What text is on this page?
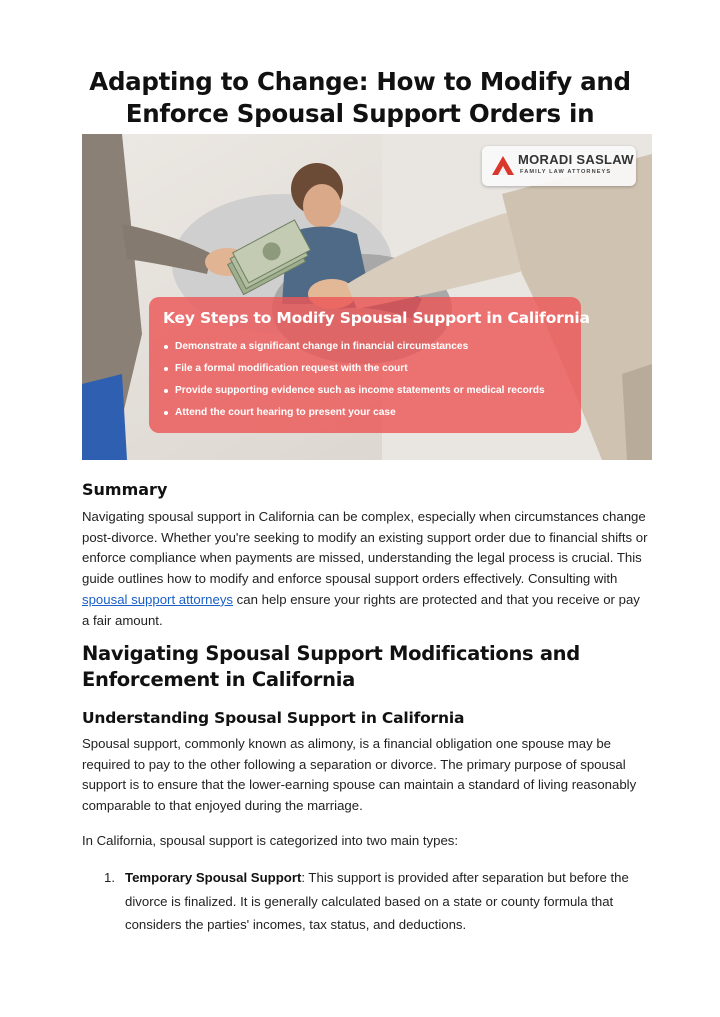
Adapting to Change: How to Modify and Enforce Spousal Support Orders in
MORADI SASLAW
FAMILY LAW ATTORNEYS
Key Steps to Modify Spousal Support in California
Demonstrate a significant change in financial circumstances
File a formal modification request with the court
Provide supporting evidence such as income statements or medical records
Attend the court hearing to present your case
Summary

Navigating spousal support in California can be complex, especially when circumstances change post-divorce. Whether you're seeking to modify an existing support order due to financial shifts or enforce compliance when payments are missed, understanding the legal process is crucial. This guide outlines how to modify and enforce spousal support orders effectively. Consulting with spousal support attorneys can help ensure your rights are protected and that you receive or pay a fair amount.

Navigating Spousal Support Modifications and Enforcement in California
Understanding Spousal Support in California

Spousal support, commonly known as alimony, is a financial obligation one spouse may be required to pay to the other following a separation or divorce. The primary purpose of spousal support is to ensure that the lower-earning spouse can maintain a standard of living reasonably comparable to that enjoyed during the marriage.

In California, spousal support is categorized into two main types:

1. Temporary Spousal Support: This support is provided after separation but before the divorce is finalized. It is generally calculated based on a state or county formula that considers the parties' incomes, tax status, and deductions.
